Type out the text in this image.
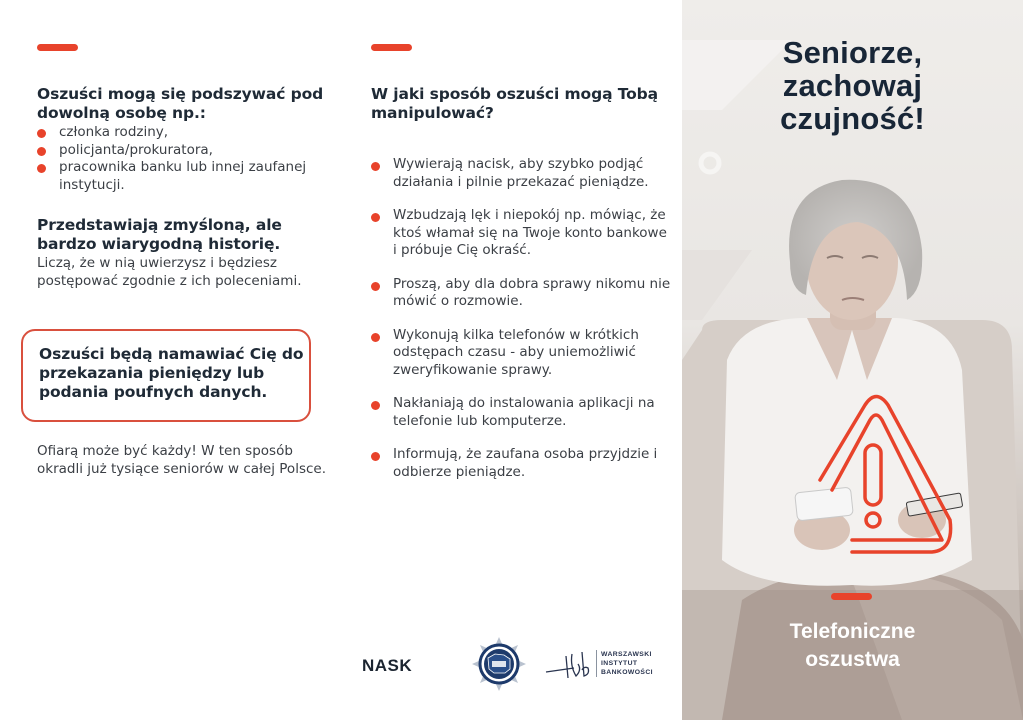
Oszuści mogą się podszywać pod dowolną osobę np.:
członka rodziny,
policjanta/prokuratora,
pracownika banku lub innej zaufanej instytucji.
Przedstawiają zmyśloną, ale bardzo wiarygodną historię.

Liczą, że w nią uwierzysz i będziesz postępować zgodnie z ich poleceniami.

Oszuści będą namawiać Cię do przekazania pieniędzy lub podania poufnych danych.

Ofiarą może być każdy! W ten sposób okradli już tysiące seniorów w całej Polsce.

W jaki sposób oszuści mogą Tobą manipulować?
Wywierają nacisk, aby szybko podjąć działania i pilnie przekazać pieniądze.
Wzbudzają lęk i niepokój np. mówiąc, że ktoś włamał się na Twoje konto bankowe i próbuje Cię okraść.
Proszą, aby dla dobra sprawy nikomu nie mówić o rozmowie.
Wykonują kilka telefonów w krótkich odstępach czasu - aby uniemożliwić zweryfikowanie sprawy.
Nakłaniają do instalowania aplikacji na telefonie lub komputerze.
Informują, że zaufana osoba przyjdzie i odbierze pieniądze.
NASK
WARSZAWSKI
INSTYTUT
BANKOWOŚCI
Seniorze,
zachowaj
czujność!
Telefoniczne
oszustwa
